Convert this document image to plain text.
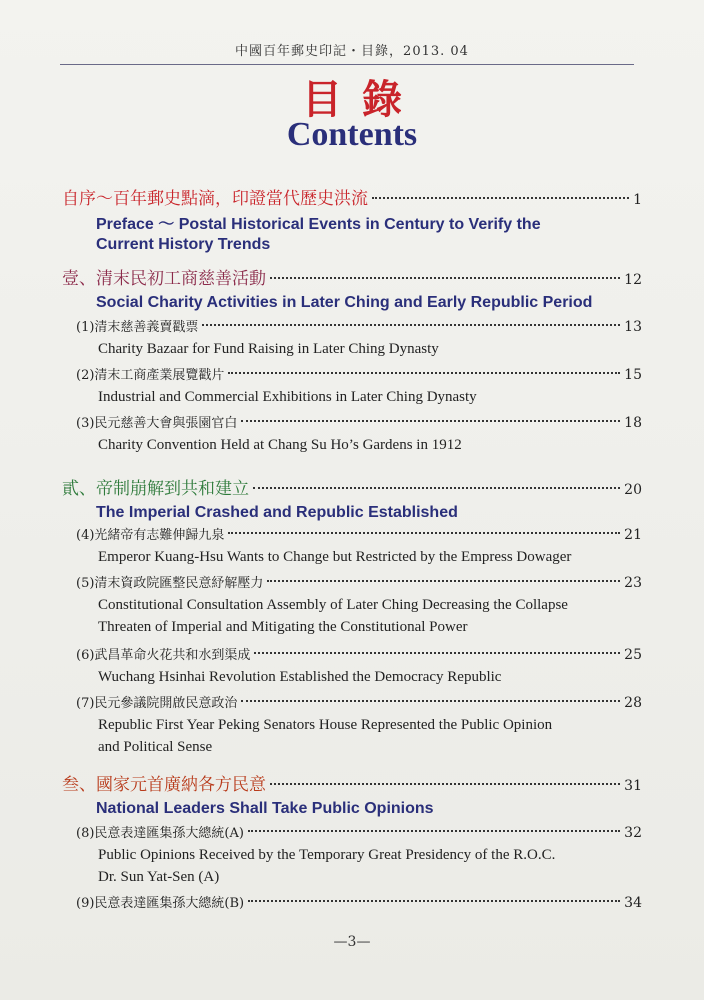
中國百年郵史印記・目錄，2013. 04
目錄
Contents
自序～百年郵史點滴，印證當代歷史洪流	1
Preface ～ Postal Historical Events in Century to Verify the
Current History Trends
壹、清末民初工商慈善活動	12
Social Charity Activities in Later Ching and Early Republic Period
(1)清末慈善義賣戳票	13
Charity Bazaar for Fund Raising in Later Ching Dynasty
(2)清末工商產業展覽戳片	15
Industrial and Commercial Exhibitions in Later Ching Dynasty
(3)民元慈善大會與張園官白	18
Charity Convention Held at Chang Su Ho’s Gardens in 1912
貳、帝制崩解到共和建立	20
The Imperial Crashed and Republic Established
(4)光緒帝有志難伸歸九泉	21
Emperor Kuang-Hsu Wants to Change but Restricted by the Empress Dowager
(5)清末資政院匯整民意紓解壓力	23
Constitutional Consultation Assembly of Later Ching Decreasing the Collapse
Threaten of Imperial and Mitigating the Constitutional Power
(6)武昌革命火花共和水到渠成	25
Wuchang Hsinhai Revolution Established the Democracy Republic
(7)民元參議院開啟民意政治	28
Republic First Year Peking Senators House Represented the Public Opinion
and Political Sense
叁、國家元首廣納各方民意	31
National Leaders Shall Take Public Opinions
(8)民意表達匯集孫大總統(A)	32
Public Opinions Received by the Temporary Great Presidency of the R.O.C.
Dr. Sun Yat-Sen (A)
(9)民意表達匯集孫大總統(B)	34
—3—
